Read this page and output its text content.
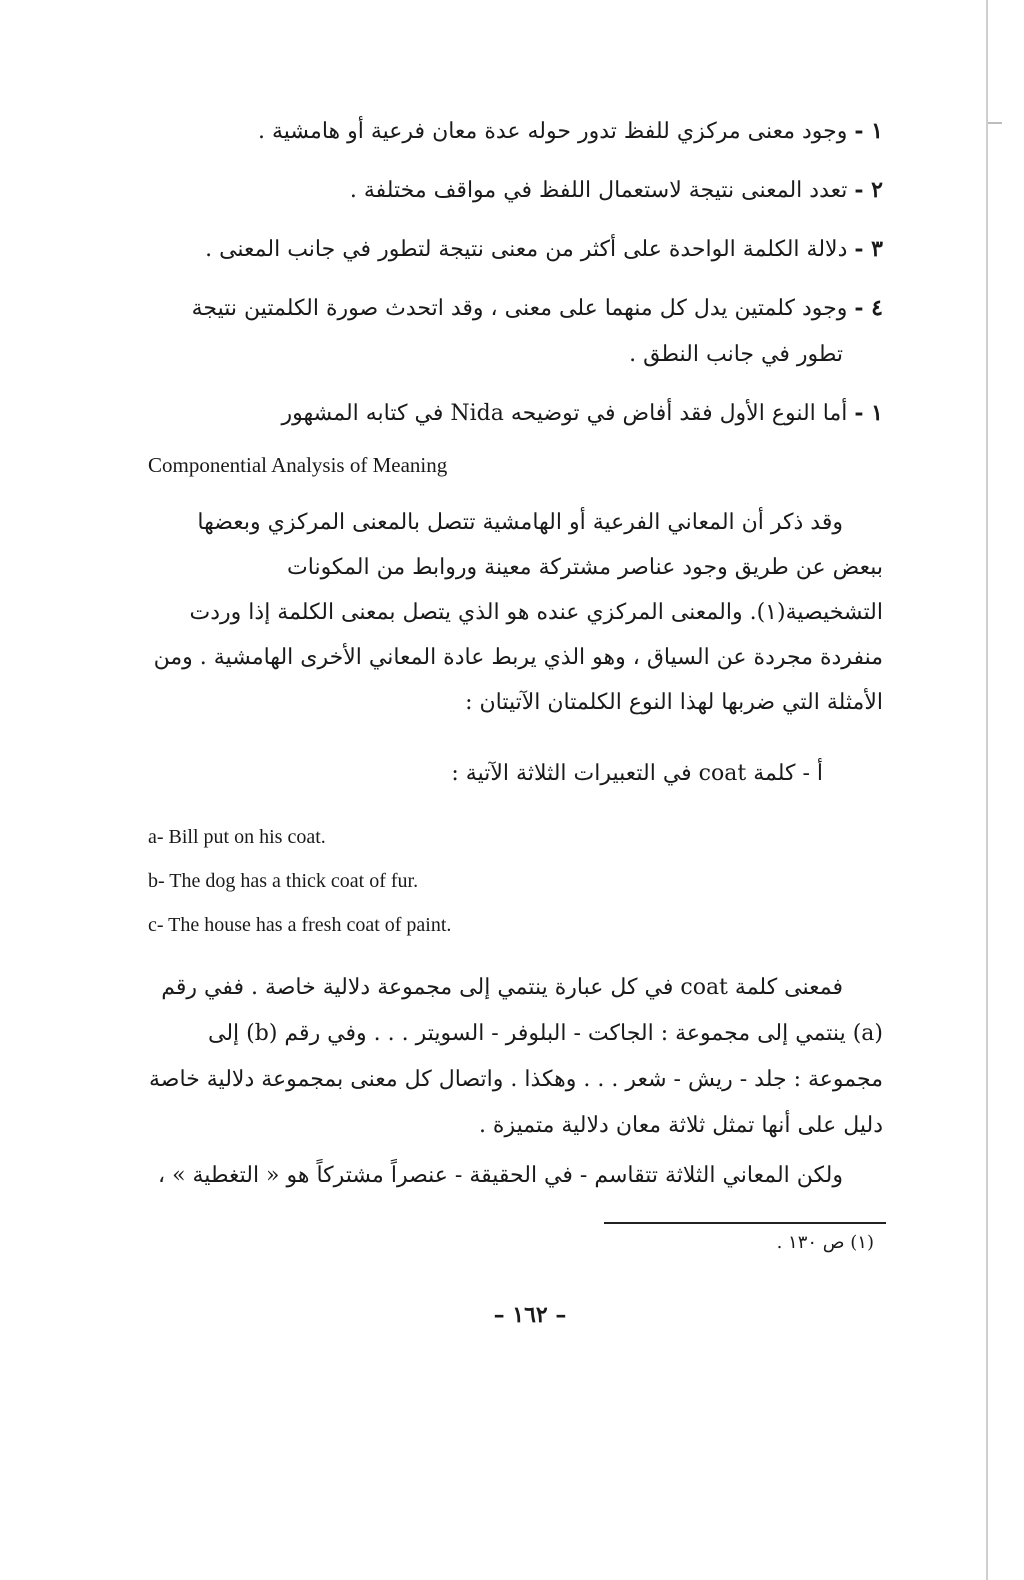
١ - وجود معنى مركزي للفظ تدور حوله عدة معان فرعية أو هامشية .

٢ - تعدد المعنى نتيجة لاستعمال اللفظ في مواقف مختلفة .

٣ - دلالة الكلمة الواحدة على أكثر من معنى نتيجة لتطور في جانب المعنى .

٤ - وجود كلمتين يدل كل منهما على معنى ، وقد اتحدث صورة الكلمتين نتيجة
تطور في جانب النطق .

١ - أما النوع الأول فقد أفاض في توضيحه Nida في كتابه المشهور

Componential Analysis of Meaning

وقد ذكر أن المعاني الفرعية أو الهامشية تتصل بالمعنى المركزي وبعضها ببعض عن طريق وجود عناصر مشتركة معينة وروابط من المكونات التشخيصية(١). والمعنى المركزي عنده هو الذي يتصل بمعنى الكلمة إذا وردت منفردة مجردة عن السياق ، وهو الذي يربط عادة المعاني الأخرى الهامشية . ومن الأمثلة التي ضربها لهذا النوع الكلمتان الآتيتان :

أ - كلمة coat في التعبيرات الثلاثة الآتية :

a- Bill put on his coat.
b- The dog has a thick coat of fur.
c- The house has a fresh coat of paint.

فمعنى كلمة coat في كل عبارة ينتمي إلى مجموعة دلالية خاصة . ففي رقم (a) ينتمي إلى مجموعة : الجاكت - البلوفر - السويتر . . . وفي رقم (b) إلى مجموعة : جلد - ريش - شعر . . . وهكذا . واتصال كل معنى بمجموعة دلالية خاصة دليل على أنها تمثل ثلاثة معان دلالية متميزة .

ولكن المعاني الثلاثة تتقاسم - في الحقيقة - عنصراً مشتركاً هو « التغطية » ،

(١) ص ١٣٠ .
– ١٦٢ –
